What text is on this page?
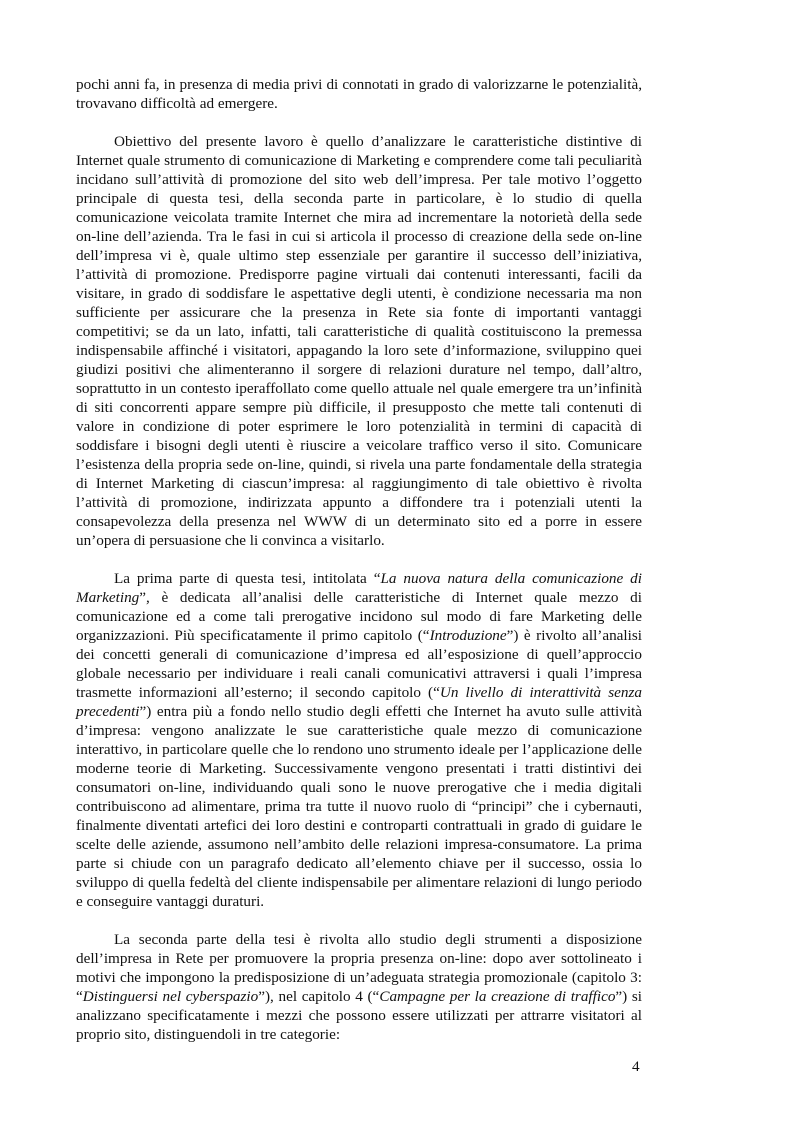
pochi anni fa, in presenza di media privi di connotati in grado di valorizzarne le potenzialità, trovavano difficoltà ad emergere.

Obiettivo del presente lavoro è quello d’analizzare le caratteristiche distintive di Internet quale strumento di comunicazione di Marketing e comprendere come tali peculiarità incidano sull’attività di promozione del sito web dell’impresa. Per tale motivo l’oggetto principale di questa tesi, della seconda parte in particolare, è lo studio di quella comunicazione veicolata tramite Internet che mira ad incrementare la notorietà della sede on-line dell’azienda. Tra le fasi in cui si articola il processo di creazione della sede on-line dell’impresa vi è, quale ultimo step essenziale per garantire il successo dell’iniziativa, l’attività di promozione. Predisporre pagine virtuali dai contenuti interessanti, facili da visitare, in grado di soddisfare le aspettative degli utenti, è condizione necessaria ma non sufficiente per assicurare che la presenza in Rete sia fonte di importanti vantaggi competitivi; se da un lato, infatti, tali caratteristiche di qualità costituiscono la premessa indispensabile affinché i visitatori, appagando la loro sete d’informazione, sviluppino quei giudizi positivi che alimenteranno il sorgere di relazioni durature nel tempo, dall’altro, soprattutto in un contesto iperaffollato come quello attuale nel quale emergere tra un’infinità di siti concorrenti appare sempre più difficile, il presupposto che mette tali contenuti di valore in condizione di poter esprimere le loro potenzialità in termini di capacità di soddisfare i bisogni degli utenti è riuscire a veicolare traffico verso il sito. Comunicare l’esistenza della propria sede on-line, quindi, si rivela una parte fondamentale della strategia di Internet Marketing di ciascun’impresa: al raggiungimento di tale obiettivo è rivolta l’attività di promozione, indirizzata appunto a diffondere tra i potenziali utenti la consapevolezza della presenza nel WWW di un determinato sito ed a porre in essere un’opera di persuasione che li convinca a visitarlo.

La prima parte di questa tesi, intitolata “La nuova natura della comunicazione di Marketing”, è dedicata all’analisi delle caratteristiche di Internet quale mezzo di comunicazione ed a come tali prerogative incidono sul modo di fare Marketing delle organizzazioni. Più specificatamente il primo capitolo (“Introduzione”) è rivolto all’analisi dei concetti generali di comunicazione d’impresa ed all’esposizione di quell’approccio globale necessario per individuare i reali canali comunicativi attraversi i quali l’impresa trasmette informazioni all’esterno; il secondo capitolo (“Un livello di interattività senza precedenti”) entra più a fondo nello studio degli effetti che Internet ha avuto sulle attività d’impresa: vengono analizzate le sue caratteristiche quale mezzo di comunicazione interattivo, in particolare quelle che lo rendono uno strumento ideale per l’applicazione delle moderne teorie di Marketing. Successivamente vengono presentati i tratti distintivi dei consumatori on-line, individuando quali sono le nuove prerogative che i media digitali contribuiscono ad alimentare, prima tra tutte il nuovo ruolo di “principi” che i cybernauti, finalmente diventati artefici dei loro destini e controparti contrattuali in grado di guidare le scelte delle aziende, assumono nell’ambito delle relazioni impresa-consumatore. La prima parte si chiude con un paragrafo dedicato all’elemento chiave per il successo, ossia lo sviluppo di quella fedeltà del cliente indispensabile per alimentare relazioni di lungo periodo e conseguire vantaggi duraturi.

La seconda parte della tesi è rivolta allo studio degli strumenti a disposizione dell’impresa in Rete per promuovere la propria presenza on-line: dopo aver sottolineato i motivi che impongono la predisposizione di un’adeguata strategia promozionale (capitolo 3: “Distinguersi nel cyberspazio”), nel capitolo 4 (“Campagne per la creazione di traffico”) si analizzano specificatamente i mezzi che possono essere utilizzati per attrarre visitatori al proprio sito, distinguendoli in tre categorie:

4
